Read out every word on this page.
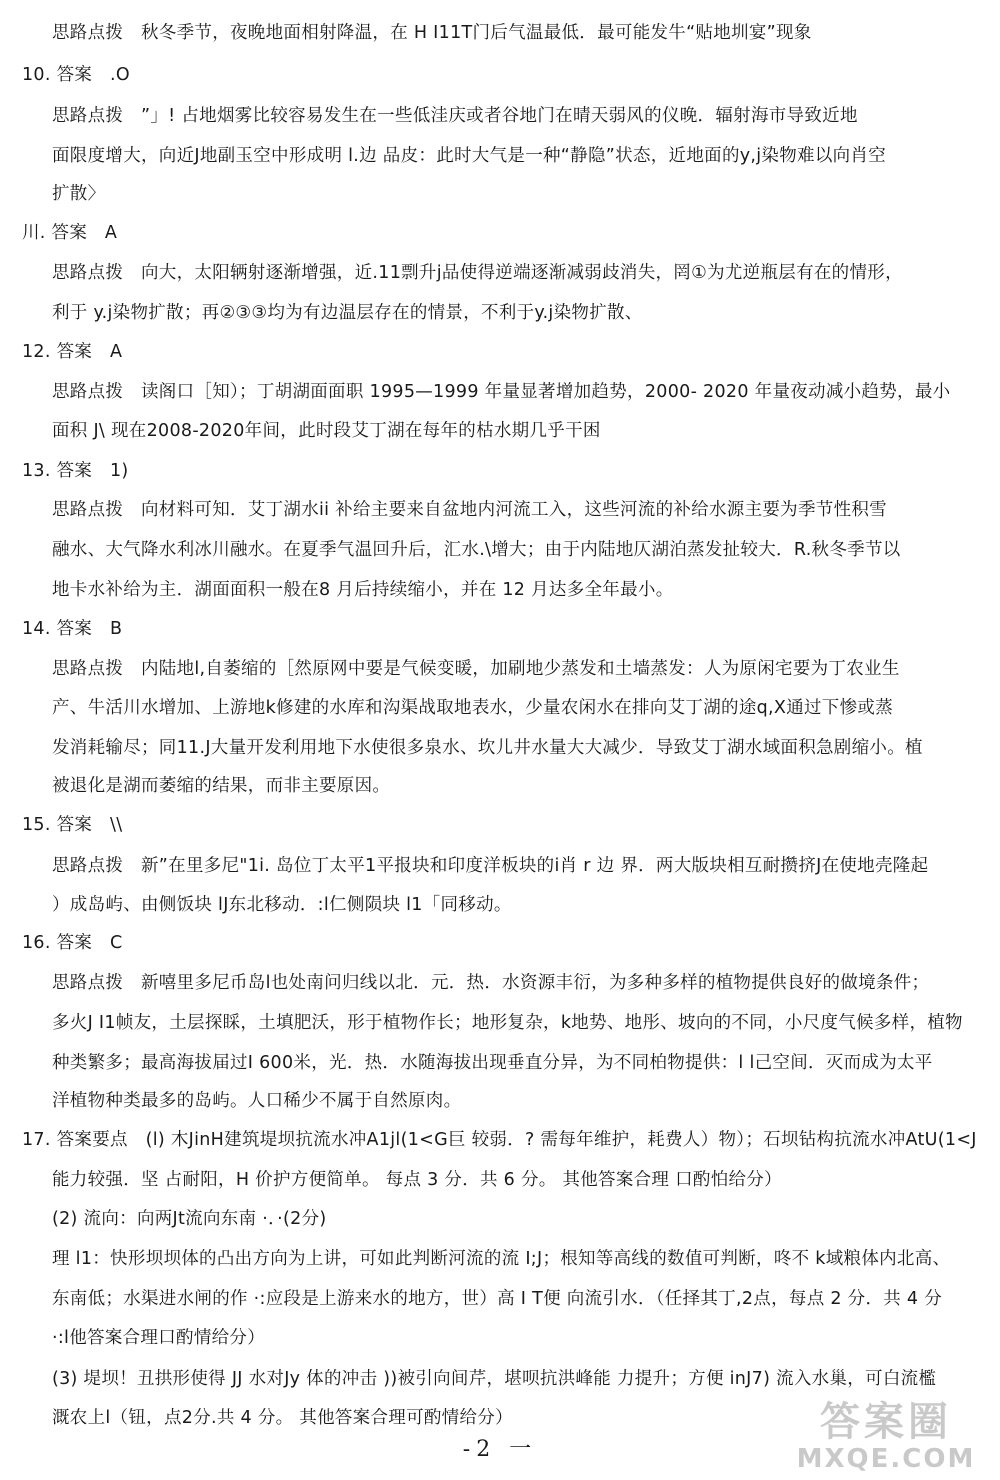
思路点拨　秋冬季节，夜晚地面相射降温，在 H I11T门后气温最低．最可能发牛“贴地圳宴”现象
10. 答案　.O
思路点拨　”」! 占地烟雾比较容易发生在一些低洼庆或者谷地门在晴天弱风的仪晚．辐射海市导致近地
面限度增大，向近J地副玉空中形成明 l.边 品皮：此时大气是一种“静隐”状态，近地面的y,j染物难以向肖空
扩散〉
川. 答案　A
思路点拨　向大，太阳辆射逐渐增强，近.11剽升j品使得逆端逐渐减弱歧消失，罔①为尤逆瓶层有在的情形，
利于 y.j染物扩散；再②③③均为有边温层存在的情景，不利于y.j染物扩散、
12. 答案　A
思路点拨　读阁口［知）；丁胡湖面面职 1995—1999 年量显著增加趋势，2000- 2020 年量夜动减小趋势，最小
面积 J\ 现在2008-2020年间，此时段艾丁湖在每年的枯水期几乎干困
13. 答案　1)
思路点拨　向材料可知．艾丁湖水ii 补给主要来自盆地内河流工入，这些河流的补给水源主要为季节性积雪
融水、大气降水利冰川融水。在夏季气温回升后，汇水.\增大；由于内陆地仄湖泊蒸发扯较大．R.秋冬季节以
地卡水补给为主．湖面面积一般在8 月后持续缩小，并在 12 月达多全年最小。
14. 答案　B
思路点拨　内陆地l,自萎缩的［然原网中要是气候变暖，加刷地少蒸发和土墙蒸发：人为原闲宅要为丁农业生
产、牛活川水增加、上游地k修建的水库和沟渠战取地表水，少量农闲水在排向艾丁湖的途q,X通过下惨或蒸
发消耗输尽；同11.J大量开发利用地下水使很多泉水、坎儿井水量大大减少．导致艾丁湖水域面积急剧缩小。植
被退化是湖而萎缩的结果，而非主要原因。
15. 答案　\\
思路点拨　新”在里多尼"1i. 岛位丁太平1平报块和印度洋板块的i肖 r 边 界．两大版块相互耐攒挤J在使地壳隆起
）成岛屿、由侧饭块 lJ东北移动．:l仁侧陨块 l1「同移动。
16. 答案　C
思路点拨　新嘻里多尼币岛l也处南问归线以北．元．热．水资源丰衍，为多种多样的植物提供良好的做境条件；
多火J I1帧友，土层探睬，土填肥沃，形于植物作长；地形复杂，k地势、地彤、坡向的不同，小尺度气候多样，植物
种类繁多；最高海拔届过I 600米，光．热．水随海拔出现垂直分异，为不同柏物提供：l l己空间．灭而成为太平
洋植物种类最多的岛屿。人口稀少不属于自然原肉。
17. 答案要点　(l) 木JinH建筑堤坝抗流水冲A1jl(1<G巨 较弱．? 需每年维护，耗费人）物）；石坝钻构抗流水冲AtU(1<J
能力较强．坚 占耐阳，H 价护方便简单。 每点 3 分．共 6 分。 其他答案合理 口酌怕给分）
(2) 流向：向两Jt流向东南 ·．·(2分)
理 l1：快形坝坝体的凸出方向为上讲，可如此判断河流的流 I;J；根知等高线的数值可判断，咚不 k域粮体内北高、
东南低；水渠进水闸的作 ·:应段是上游来水的地方，世）高 I T便 向流引水．（任择其丁,2点，每点 2 分．共 4 分
·:l他答案合理口酌情给分）
(3) 堤坝！丑拱形使得 JJ 水对Jy 体的冲击 ))被引向间芹，堪呗抗洪峰能 力提升；方便 inJ7) 流入水巢，可白流檻
溉农上l（钮，点2分.共 4 分。 其他答案合理可酌情给分）
-2 一
答案圈
MXQE.COM
